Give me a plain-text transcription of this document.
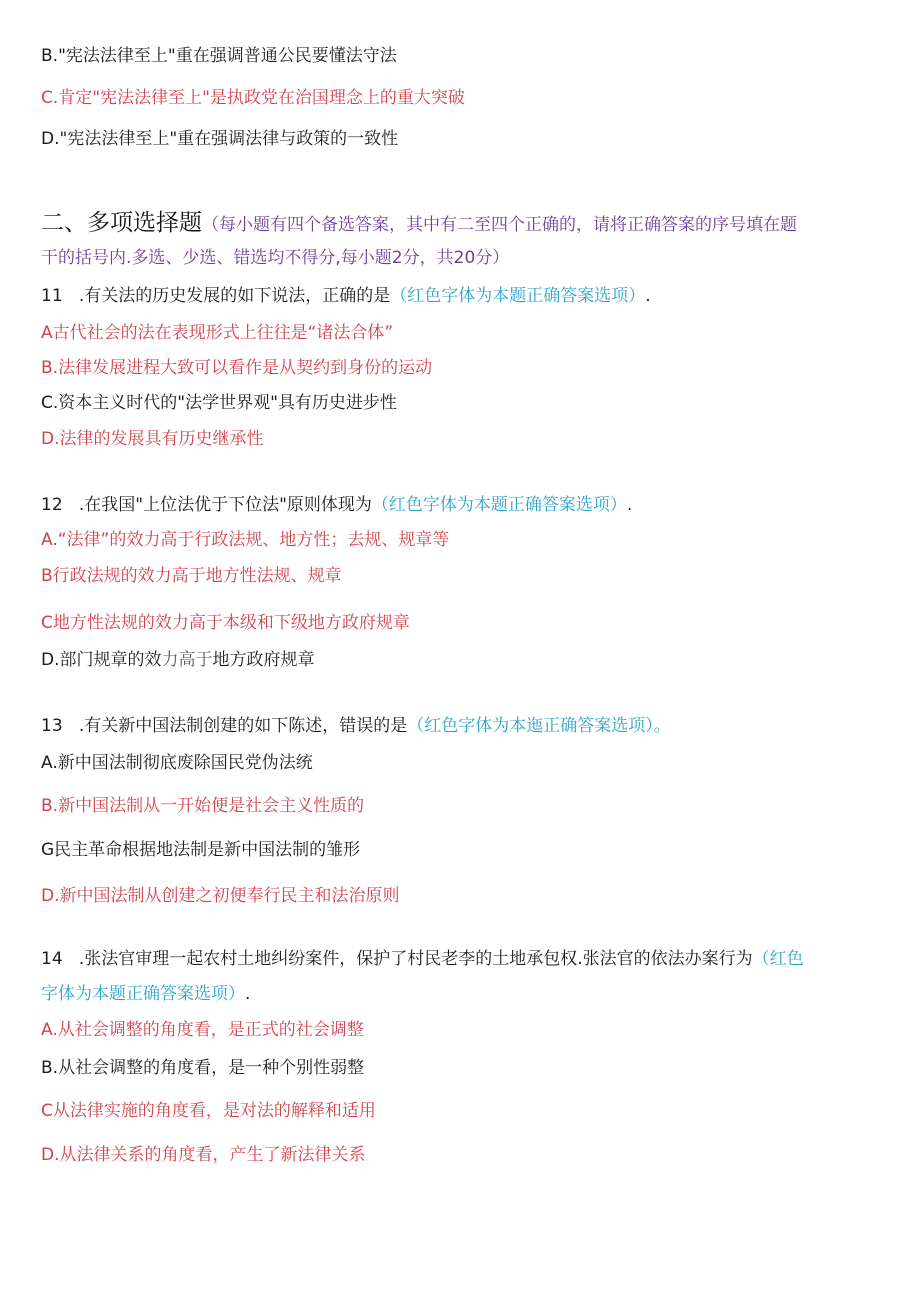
B."宪法法律至上"重在强调普通公民要懂法守法
C.肯定"宪法法律至上"是执政党在治国理念上的重大突破
D."宪法法律至上"重在强调法律与政策的一致性
二、多项选择题（每小题有四个备选答案，其中有二至四个正确的，请将正确答案的序号填在题
干的括号内.多选、少选、错选均不得分,每小题2分，共20分）
11   .有关法的历史发展的如下说法，正确的是（红色字体为本题正确答案选项）.
A古代社会的法在表现形式上往往是“诸法合体”
B.法律发展进程大致可以看作是从契约到身份的运动
C.资本主义时代的"法学世界观"具有历史进步性
D.法律的发展具有历史继承性
12   .在我国"上位法优于下位法"原则体现为（红色字体为本题正确答案选项）.
A.“法律”的效力高于行政法规、地方性；去规、规章等
B行政法规的效力高于地方性法规、规章
C地方性法规的效力高于本级和下级地方政府规章
D.部门规章的效力高于地方政府规章
13   .有关新中国法制创建的如下陈述，错误的是（红色字体为本迤正确答案选项）。
A.新中国法制彻底废除国民党伪法统
B.新中国法制从一开始便是社会主义性质的
G民主革命根据地法制是新中国法制的雏形
D.新中国法制从创建之初便奉行民主和法治原则
14   .张法官审理一起农村土地纠纷案件，保护了村民老李的土地承包权.张法官的依法办案行为（红色
字体为本题正确答案选项）.
A.从社会调整的角度看，是正式的社会调整
B.从社会调整的角度看，是一种个别性弱整
C从法律实施的角度看，是对法的解释和适用
D.从法律关系的角度看，产生了新法律关系
